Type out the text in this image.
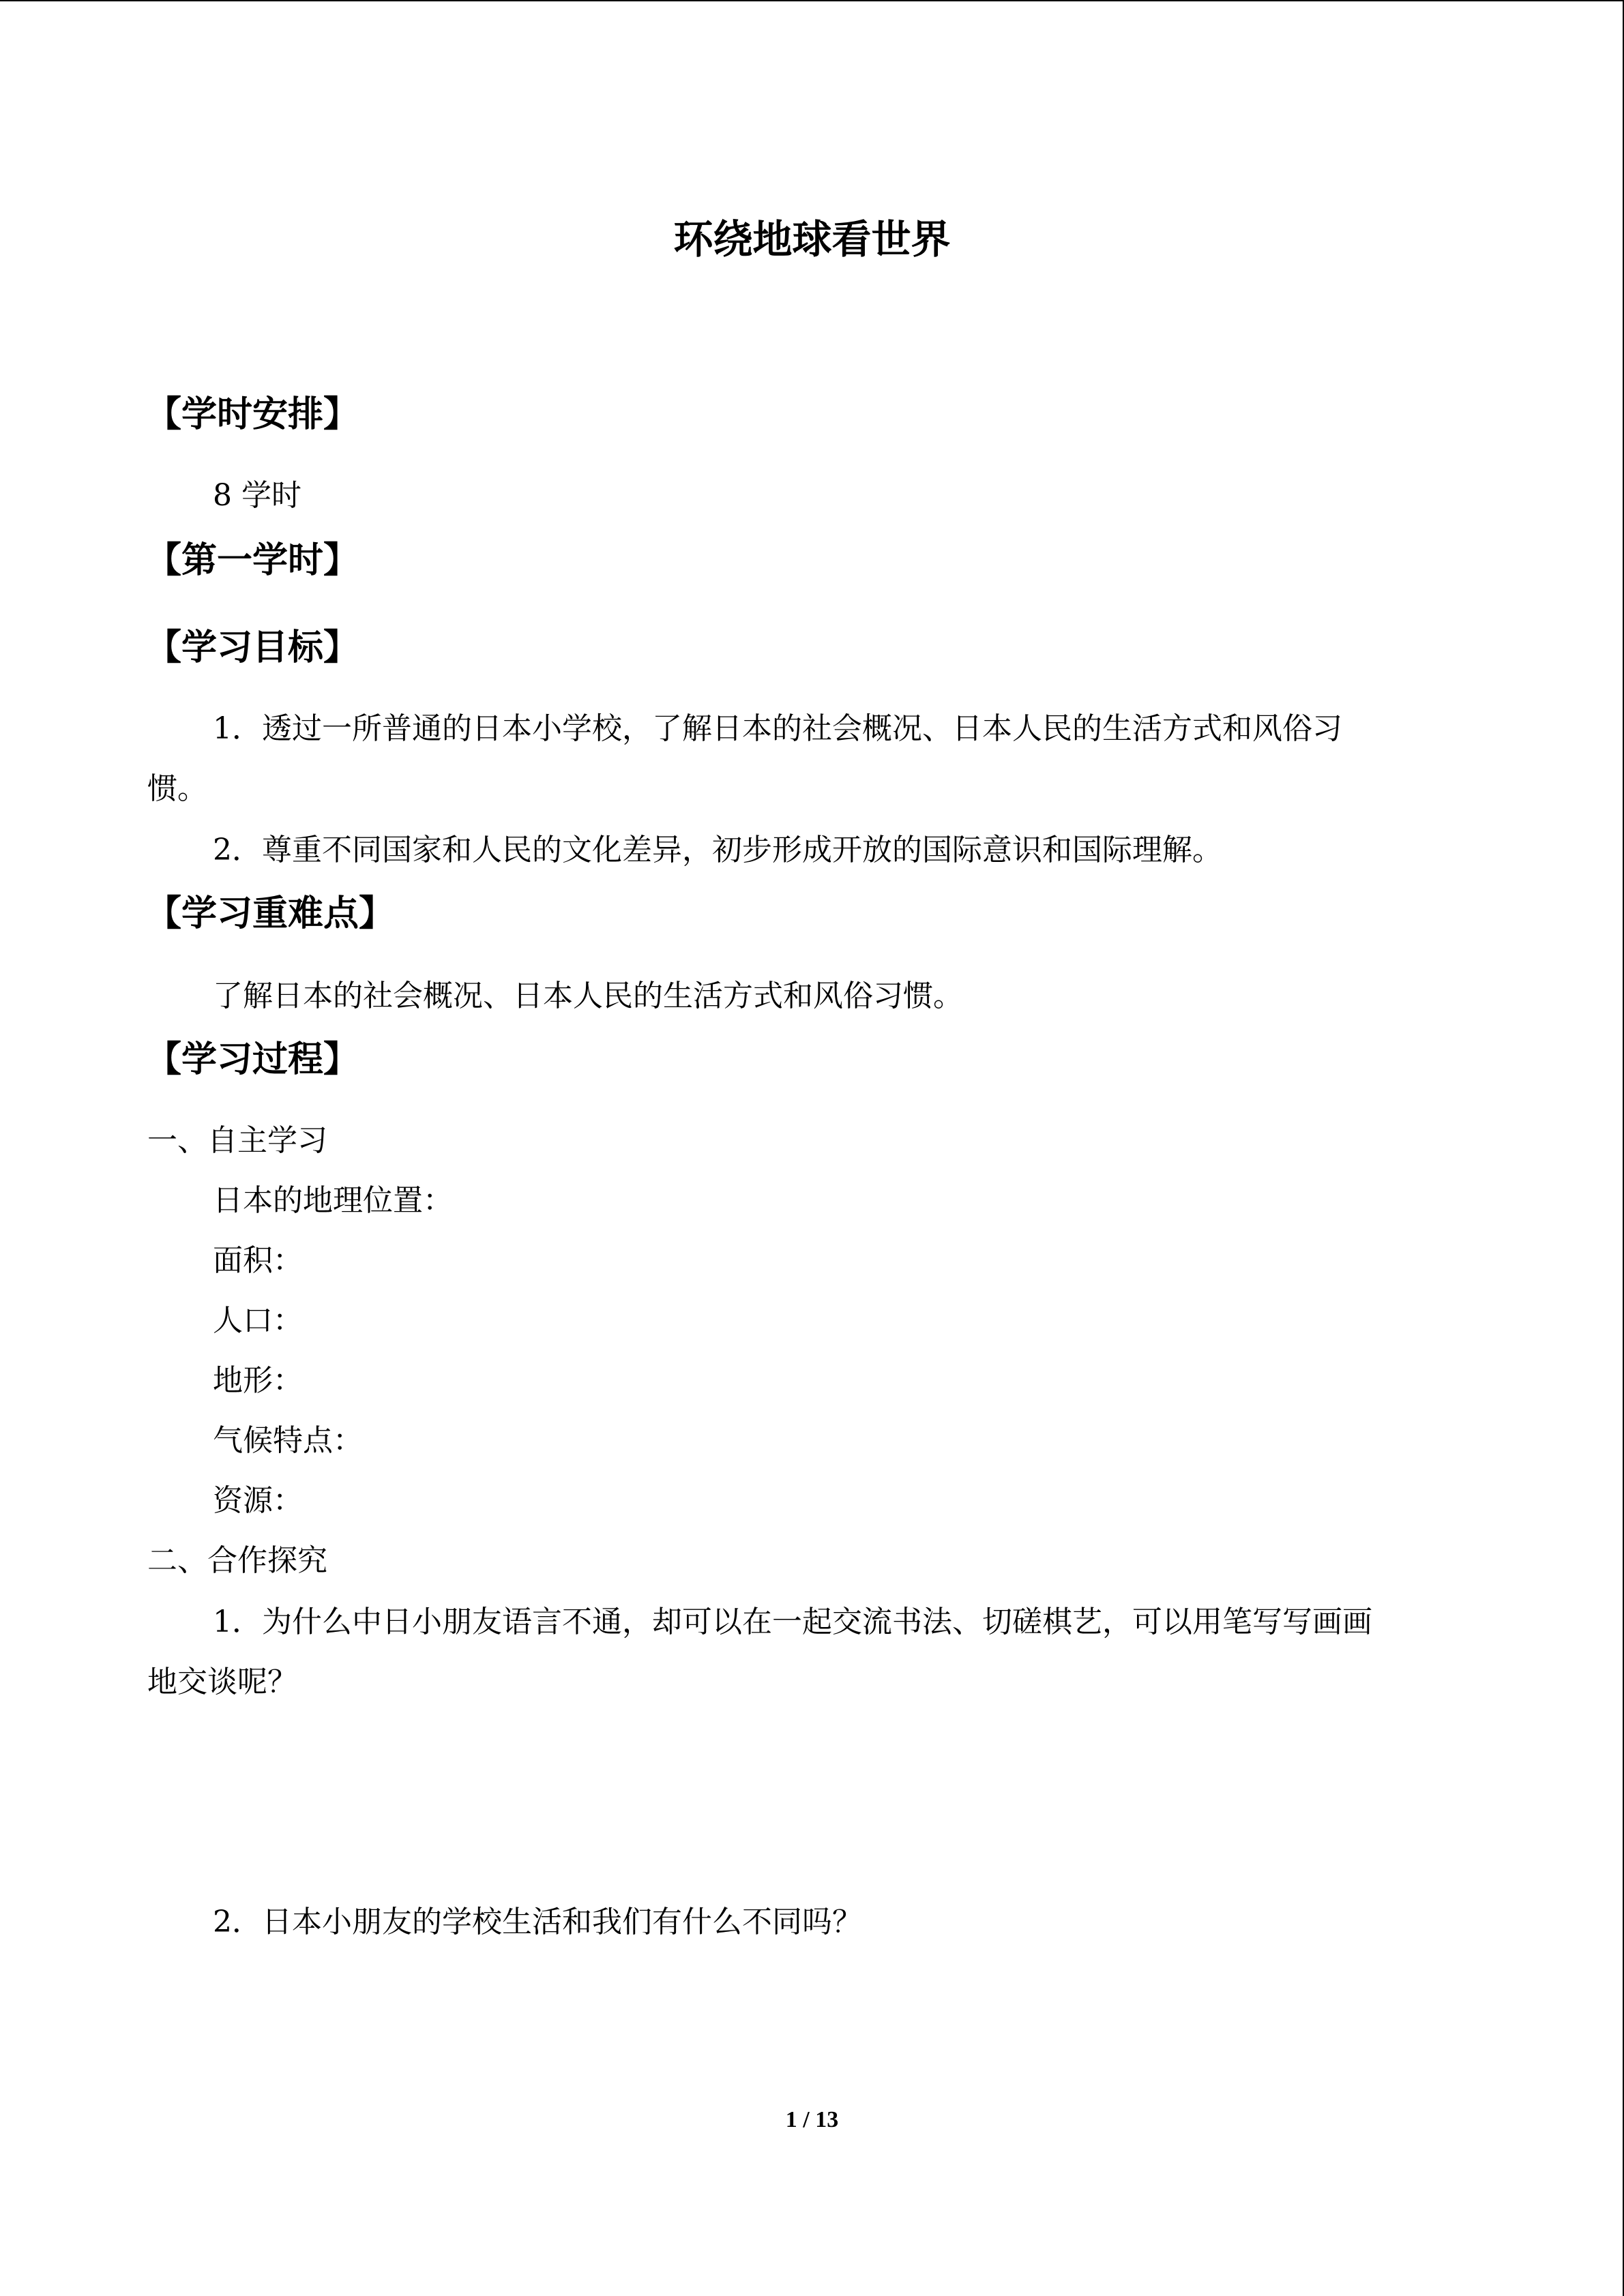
环绕地球看世界
【学时安排】
8 学时
【第一学时】
【学习目标】
1．透过一所普通的日本小学校，了解日本的社会概况、日本人民的生活方式和风俗习
惯。
2．尊重不同国家和人民的文化差异，初步形成开放的国际意识和国际理解。
【学习重难点】
了解日本的社会概况、日本人民的生活方式和风俗习惯。
【学习过程】
一、自主学习
日本的地理位置：
面积：
人口：
地形：
气候特点：
资源：
二、合作探究
1．为什么中日小朋友语言不通，却可以在一起交流书法、切磋棋艺，可以用笔写写画画
地交谈呢？
2．日本小朋友的学校生活和我们有什么不同吗？
1 / 13
